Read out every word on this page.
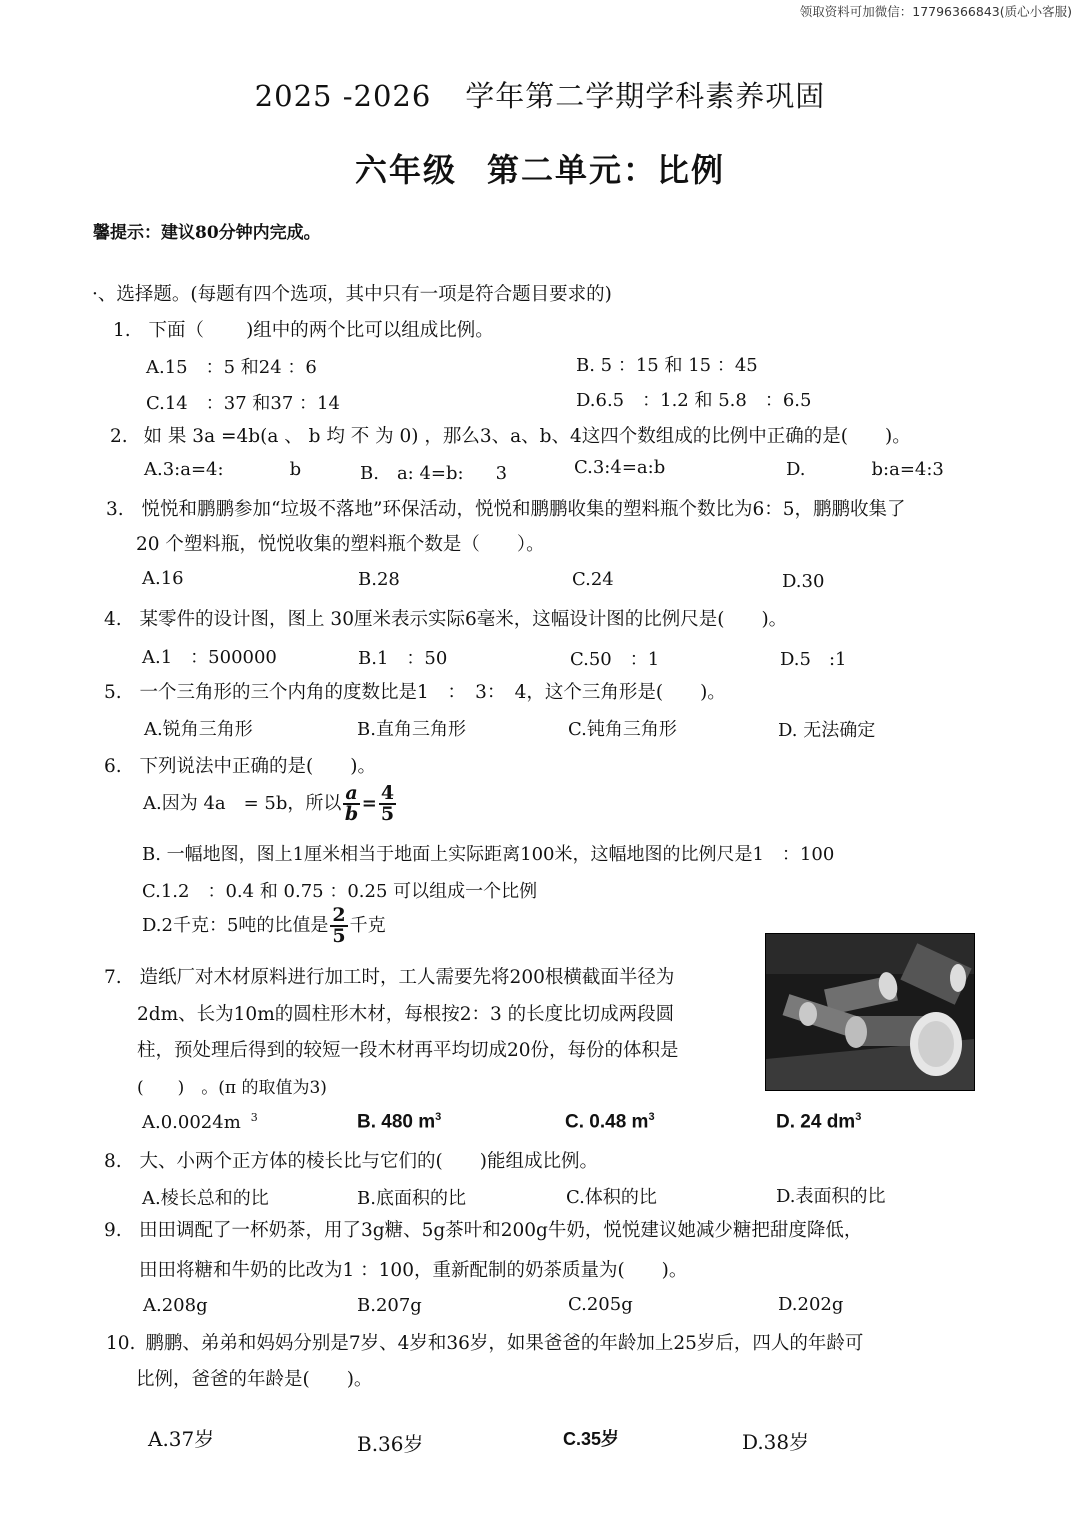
领取资料可加微信：17796366843(质心小客服)
2025 -2026 学年第二学期学科素养巩固
六年级 第二单元：比例
馨提示：建议80分钟内完成。
·、选择题。(每题有四个选项，其中只有一项是符合题目要求的)
1. 下面（ )组中的两个比可以组成比例。
A.15　：5 和24 ：6	B. 5 ：15 和 15 ：45
C.14　：37 和37 ：14	D.6.5　：1.2 和 5.8　：6.5
2. 如 果 3a =4b(a 、 b 均 不 为 0) ，那么3、a、b、4这四个数组成的比例中正确的是(　　)。
A.3:a=4:	b	B.　a: 4=b: 3	C.3:4=a:b	D.	b:a=4:3
3. 悦悦和鹏鹏参加“垃圾不落地”环保活动，悦悦和鹏鹏收集的塑料瓶个数比为6：5，鹏鹏收集了
20 个塑料瓶，悦悦收集的塑料瓶个数是（　　）。
A.16	B.28	C.24	D.30
4. 某零件的设计图，图上 30厘米表示实际6毫米，这幅设计图的比例尺是(　　)。
A.1　：500000	B.1　：50	C.50　：1	D.5　:1
5. 一个三角形的三个内角的度数比是1　：　3：　4，这个三角形是(　　)。
A.锐角三角形	B.直角三角形	C.钝角三角形	D. 无法确定
6. 下列说法中正确的是(　　)。
A.因为 4a　= 5b，所以 $\frac{a}{b} = \frac{4}{5}$
B. 一幅地图，图上1厘米相当于地面上实际距离100米，这幅地图的比例尺是1　：100
C.1.2　：0.4 和 0.75 ：0.25 可以组成一个比例
D.2千克：5吨的比值是 $\frac{2}{5}$ 千克
7. 造纸厂对木材原料进行加工时，工人需要先将200根横截面半径为
2dm、长为10m的圆柱形木材，每根按2：3 的长度比切成两段圆
柱，预处理后得到的较短一段木材再平均切成20份，每份的体积是
(　　)　。(π 的取值为3)
A.0.0024m $^3$	B. 480 $m^3$	C. 0.48 $m^3$	D. 24 $dm^3$
8. 大、小两个正方体的棱长比与它们的(　　)能组成比例。
A.棱长总和的比	B.底面积的比	C.体积的比	D.表面积的比
9. 田田调配了一杯奶茶，用了3g糖、5g茶叶和200g牛奶，悦悦建议她减少糖把甜度降低，
田田将糖和牛奶的比改为1 ：100，重新配制的奶茶质量为(　　)。
A.208g	B.207g	C.205g	D.202g
10. 鹏鹏、弟弟和妈妈分别是7岁、4岁和36岁，如果爸爸的年龄加上25岁后，四人的年龄可
比例，爸爸的年龄是(　　)。
A.37岁	B.36岁	C.35岁	D.38岁
